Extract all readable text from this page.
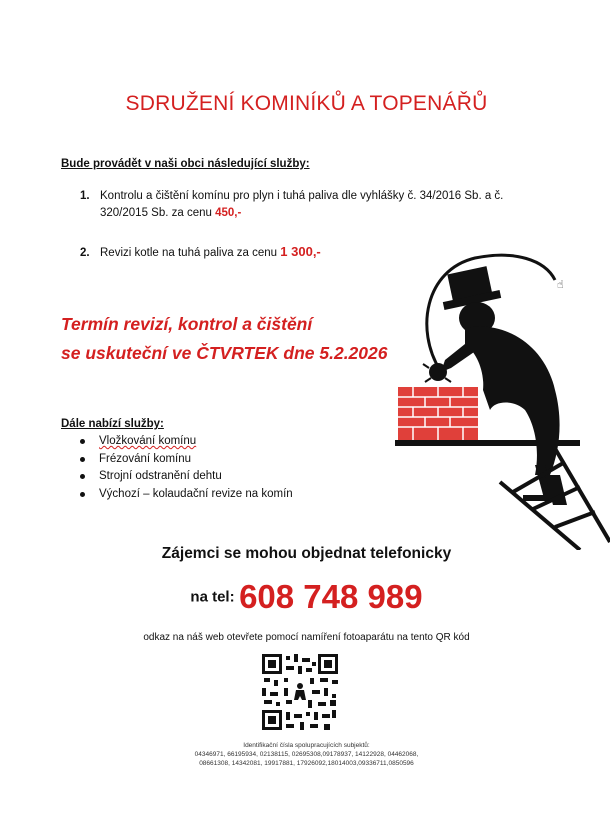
SDRUŽENÍ KOMINÍKŮ A TOPENÁŘŮ
Bude provádět v naši obci následující služby:
1. Kontrolu a čištění komínu pro plyn i tuhá paliva dle vyhlášky č. 34/2016 Sb. a č.
320/2015 Sb. za cenu 450,-
2. Revizi kotle na tuhá paliva za cenu 1 300,-
Termín revizí, kontrol a čištění
se uskuteční ve ČTVRTEK dne 5.2.2026
Dále nabízí služby:
Vložkování komínu
Frézování komínu
Strojní odstranění dehtu
Výchozí – kolaudační revize na komín
☝
Zájemci se mohou objednat telefonicky
na tel: 608 748 989
odkaz na náš web otevřete pomocí namíření fotoaparátu na tento QR kód
Identifikační čísla spolupracujících subjektů:
04346971, 66195934, 02138115, 02695308,09178937, 14122928, 04462068,
08661308, 14342081, 19917881, 17926092,18014003,09336711,0850596
